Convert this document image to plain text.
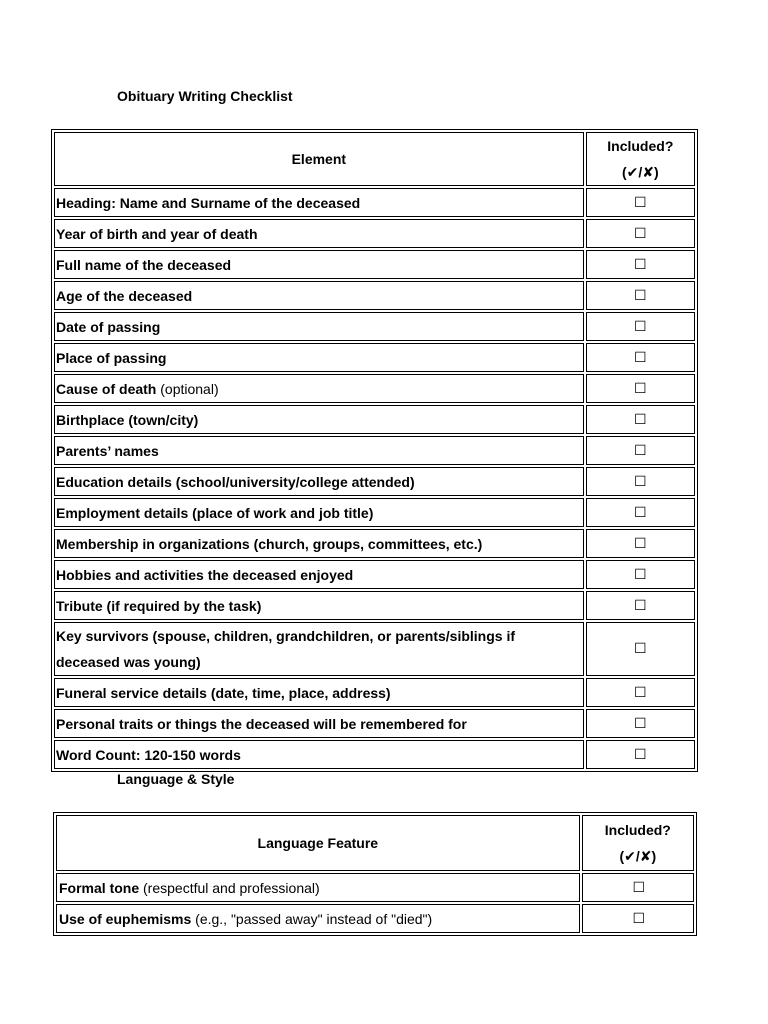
Obituary Writing Checklist
Element	Included?
(✔/✘)

Heading: Name and Surname of the deceased	☐
Year of birth and year of death	☐
Full name of the deceased	☐
Age of the deceased	☐
Date of passing	☐
Place of passing	☐
Cause of death (optional)	☐
Birthplace (town/city)	☐
Parents’ names	☐
Education details (school/university/college attended)	☐
Employment details (place of work and job title)	☐
Membership in organizations (church, groups, committees, etc.)	☐
Hobbies and activities the deceased enjoyed	☐
Tribute (if required by the task)	☐
Key survivors (spouse, children, grandchildren, or parents/siblings if deceased was young)	☐
Funeral service details (date, time, place, address)	☐
Personal traits or things the deceased will be remembered for	☐
Word Count: 120-150 words	☐
Language & Style
Language Feature	Included?
(✔/✘)

Formal tone (respectful and professional)	☐
Use of euphemisms (e.g., "passed away" instead of "died")	☐
